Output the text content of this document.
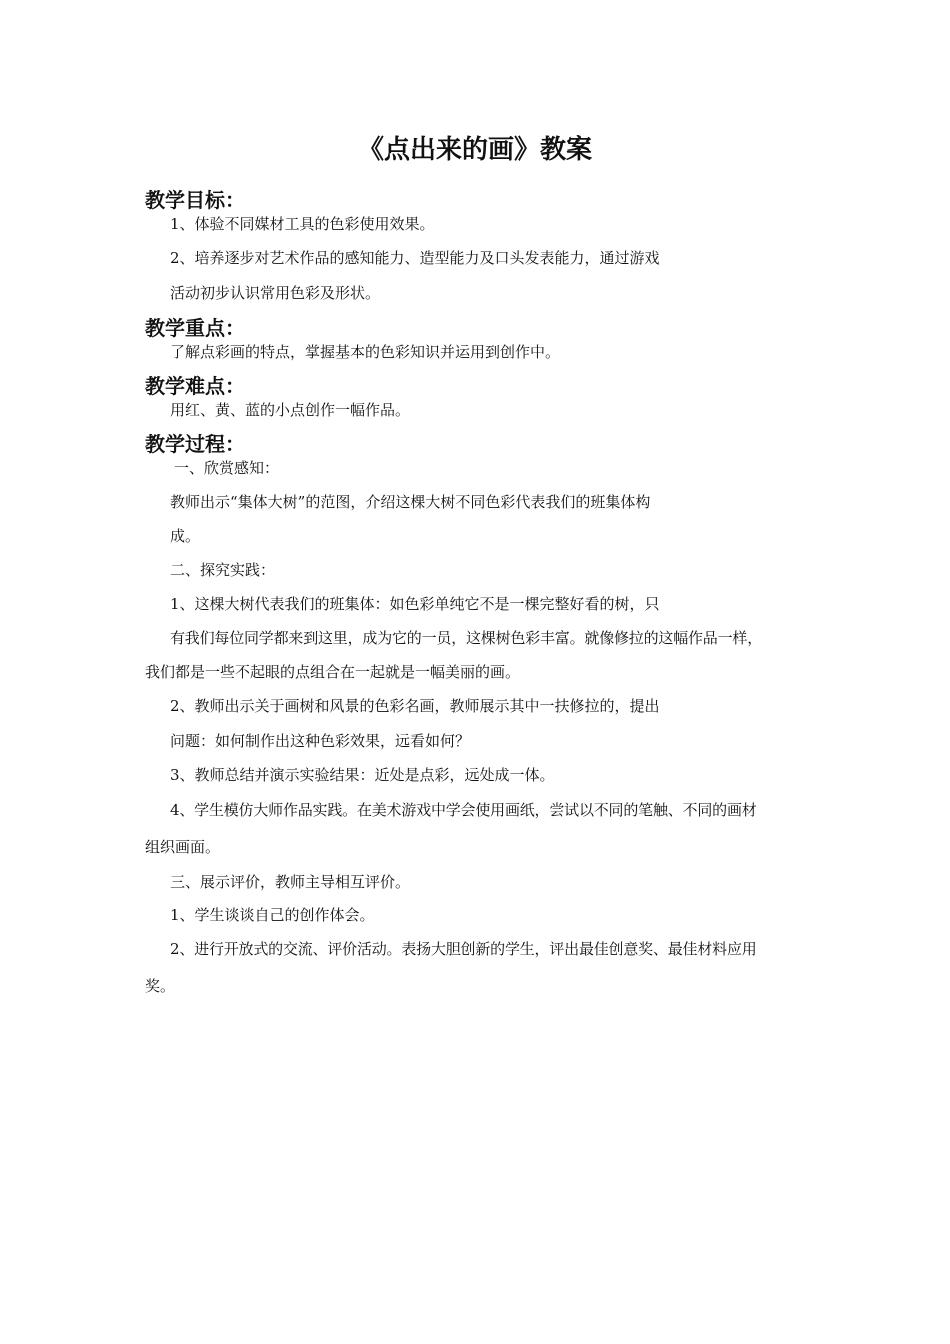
《点出来的画》教案
教学目标：
1、体验不同媒材工具的色彩使用效果。
2、培养逐步对艺术作品的感知能力、造型能力及口头发表能力，通过游戏
活动初步认识常用色彩及形状。
教学重点：
了解点彩画的特点，掌握基本的色彩知识并运用到创作中。
教学难点：
用红、黄、蓝的小点创作一幅作品。
教学过程：
一、欣赏感知：
教师出示“集体大树”的范图，介绍这棵大树不同色彩代表我们的班集体构
成。
二、探究实践：
1、这棵大树代表我们的班集体：如色彩单纯它不是一棵完整好看的树，只
有我们每位同学都来到这里，成为它的一员，这棵树色彩丰富。就像修拉的这幅作品一样，
我们都是一些不起眼的点组合在一起就是一幅美丽的画。
2、教师出示关于画树和风景的色彩名画，教师展示其中一扶修拉的，提出
问题：如何制作出这种色彩效果，远看如何？
3、教师总结并演示实验结果：近处是点彩，远处成一体。
4、学生模仿大师作品实践。在美术游戏中学会使用画纸，尝试以不同的笔触、不同的画材
组织画面。
三、展示评价，教师主导相互评价。
1、学生谈谈自己的创作体会。
2、进行开放式的交流、评价活动。表扬大胆创新的学生，评出最佳创意奖、最佳材料应用
奖。
